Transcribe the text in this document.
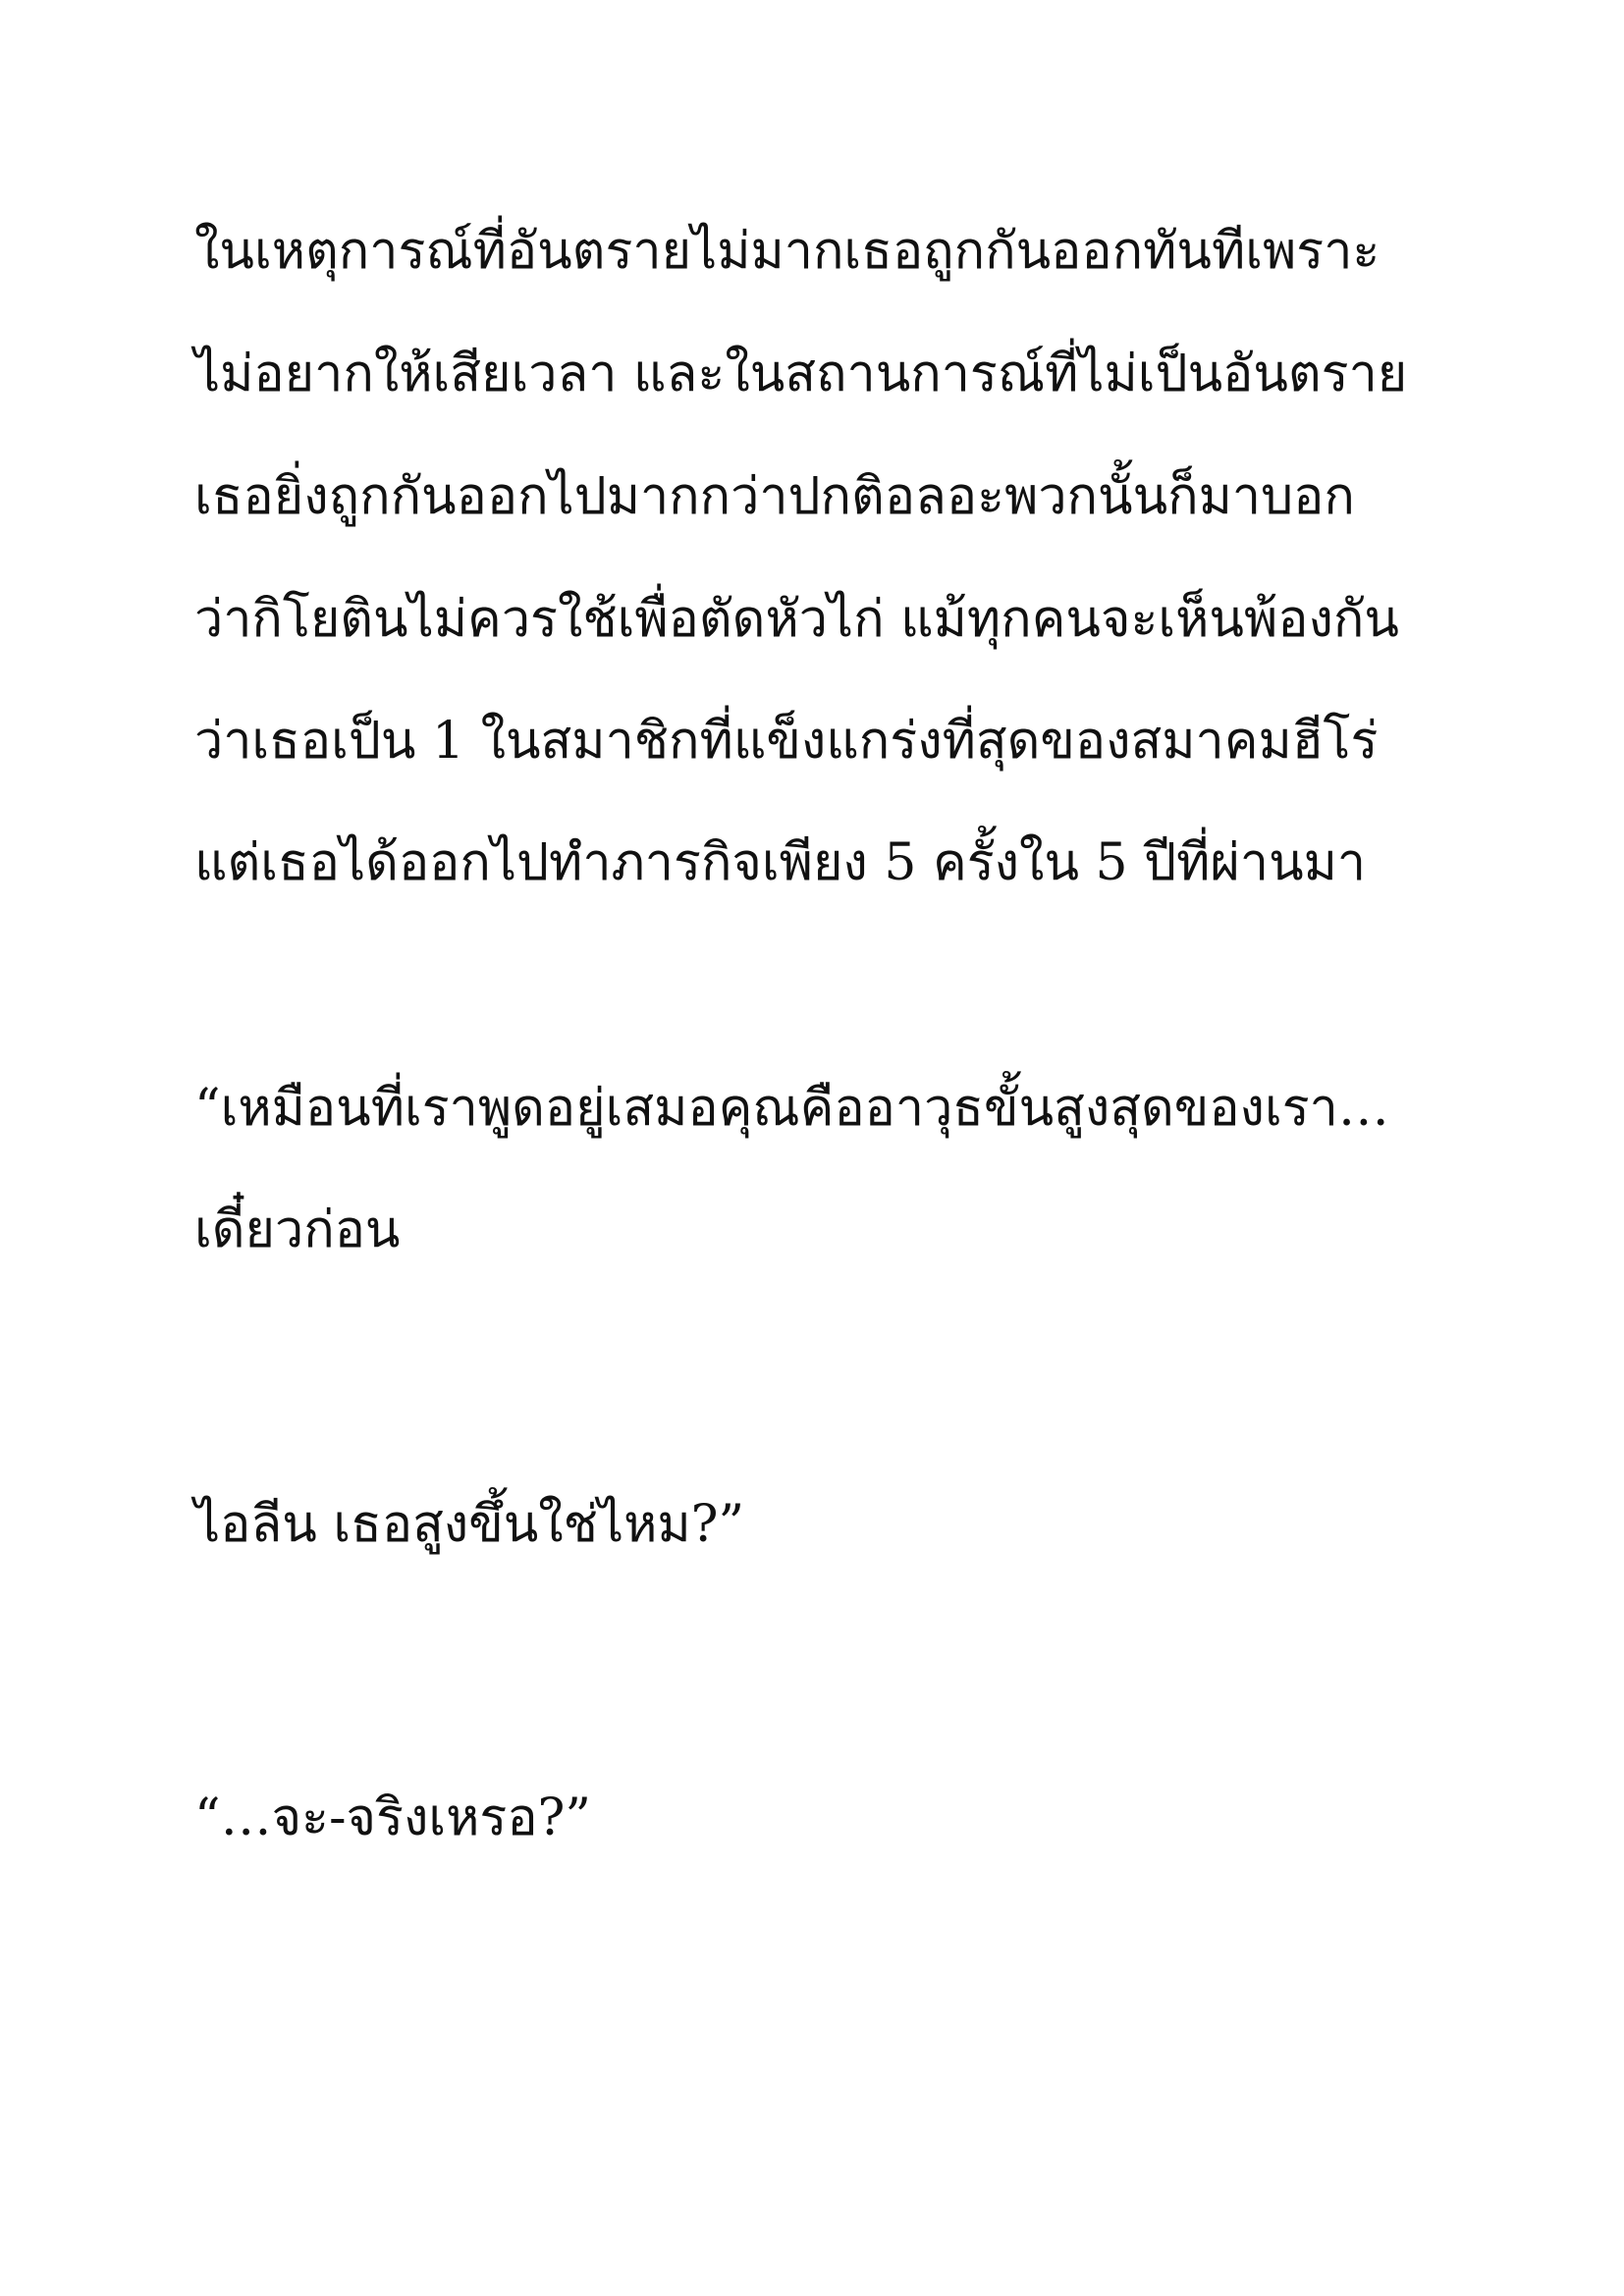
ในเหตุการณ์ที่อันตรายไม่มากเธอถูกกันออกทันทีเพราะ

ไม่อยากให้เสียเวลา และในสถานการณ์ที่ไม่เป็นอันตราย

เธอยิ่งถูกกันออกไปมากกว่าปกติอลอะพวกนั้นก็มาบอก

ว่ากิโยตินไม่ควรใช้เพื่อตัดหัวไก่ แม้ทุกคนจะเห็นพ้องกัน

ว่าเธอเป็น 1 ในสมาชิกที่แข็งแกร่งที่สุดของสมาคมฮีโร่

แต่เธอได้ออกไปทำภารกิจเพียง 5 ครั้งใน 5 ปีที่ผ่านมา

“เหมือนที่เราพูดอยู่เสมอคุณคืออาวุธขั้นสูงสุดของเรา…

เดี๋ยวก่อน

ไอลีน เธอสูงขึ้นใช่ไหม?”

“…จะ-จริงเหรอ?”
